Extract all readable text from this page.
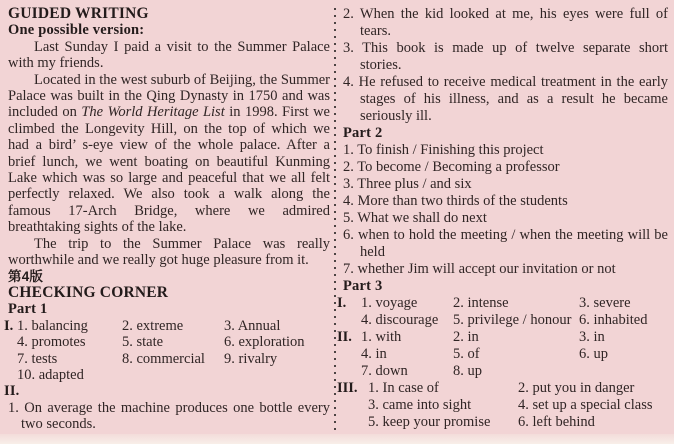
GUIDED WRITING
One possible version:

Last Sunday I paid a visit to the Summer Palace with my friends.

Located in the west suburb of Beijing, the Summer Palace was built in the Qing Dynasty in 1750 and was included on The World Heritage List in 1998. First we climbed the Longevity Hill, on the top of which we had a bird’ s-eye view of the whole palace. After a brief lunch, we went boating on beautiful Kunming Lake which was so large and peaceful that we all felt perfectly relaxed. We also took a walk along the famous 17-Arch Bridge, where we admired breathtaking sights of the lake.

The trip to the Summer Palace was really worthwhile and we really got huge pleasure from it.

第4版
CHECKING CORNER
Part 1
I. 1. balancing	2. extreme	3. Annual
4. promotes	5. state	6. exploration
7. tests	8. commercial	9. rivalry
10. adapted
II.

1. On average the machine produces one bottle every two seconds.

2. When the kid looked at me, his eyes were full of tears.

3. This book is made up of twelve separate short stories.

4. He refused to receive medical treatment in the early stages of his illness, and as a result he became seriously ill.

Part 2

1. To finish / Finishing this project

2. To become / Becoming a professor

3. Three plus / and six

4. More than two thirds of the students

5. What we shall do next

6. when to hold the meeting / when the meeting will be held

7. whether Jim will accept our invitation or not

Part 3
I.	1. voyage	2. intense	3. severe
4. discourage	5. privilege / honour 6. inhabited
II. 1. with	2. in	3. in
4. in	5. of	6. up
7. down	8. up
III. 1. In case of	2. put you in danger
3. came into sight	4. set up a special class
5. keep your promise	6. left behind
